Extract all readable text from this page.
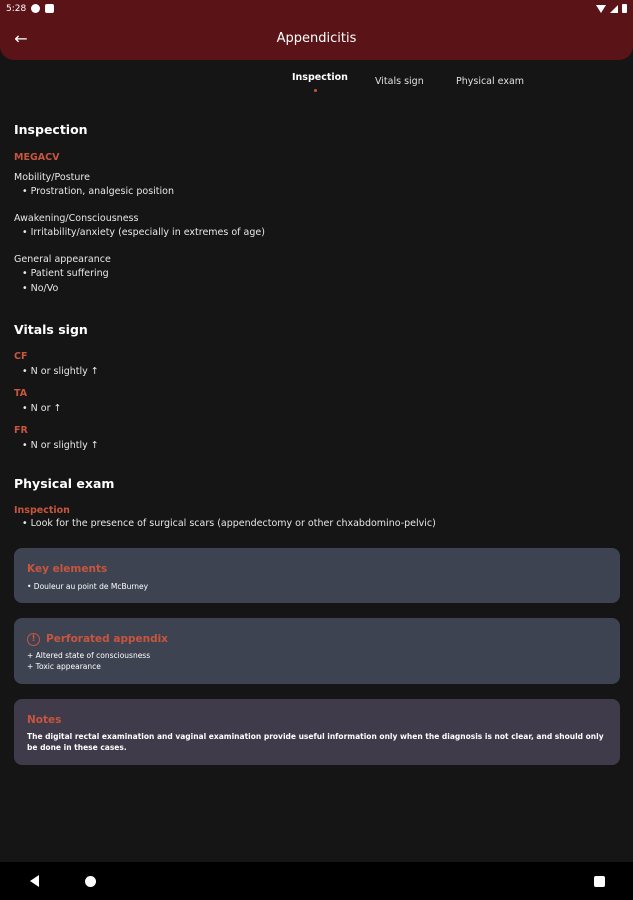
5:28
←	Appendicitis
Inspection	Vitals sign	Physical exam
Inspection
MEGACV
Mobility/Posture
• Prostration, analgesic position
Awakening/Consciousness
• Irritability/anxiety (especially in extremes of age)
General appearance
• Patient suffering
• No/Vo
Vitals sign
CF
• N or slightly ↑
TA
• N or ↑
FR
• N or slightly ↑
Physical exam
Inspection
• Look for the presence of surgical scars (appendectomy or other chxabdomino-pelvic)
Key elements
• Douleur au point de McBurney
! Perforated appendix
+ Altered state of consciousness
+ Toxic appearance
Notes
The digital rectal examination and vaginal examination provide useful information only when the diagnosis is not clear, and should only be done in these cases.
